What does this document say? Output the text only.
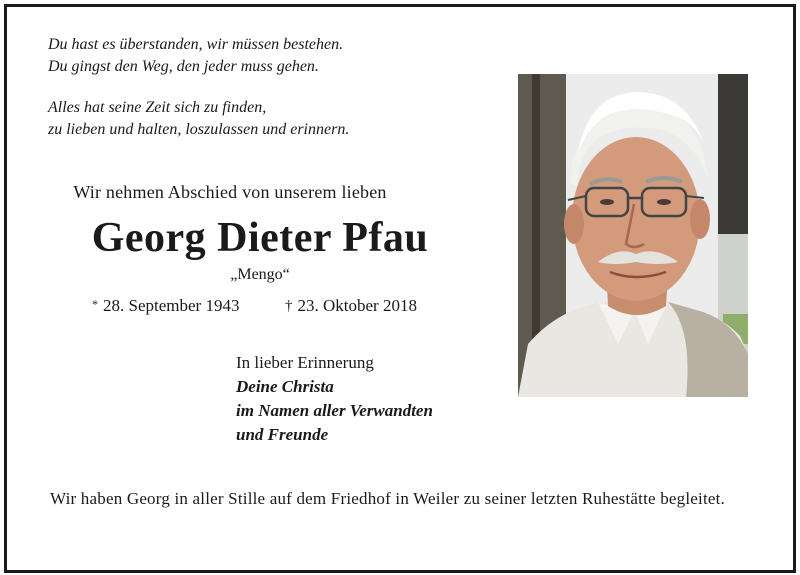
Du hast es überstanden, wir müssen bestehen.
Du gingst den Weg, den jeder muss gehen.
Alles hat seine Zeit sich zu finden,
zu lieben und halten, loszulassen und erinnern.
Wir nehmen Abschied von unserem lieben
Georg Dieter Pfau
„Mengo“
* 28. September 1943	† 23. Oktober 2018
In lieber Erinnerung
Deine Christa
im Namen aller Verwandten
und Freunde
Wir haben Georg in aller Stille auf dem Friedhof in Weiler zu seiner letzten Ruhestätte begleitet.
